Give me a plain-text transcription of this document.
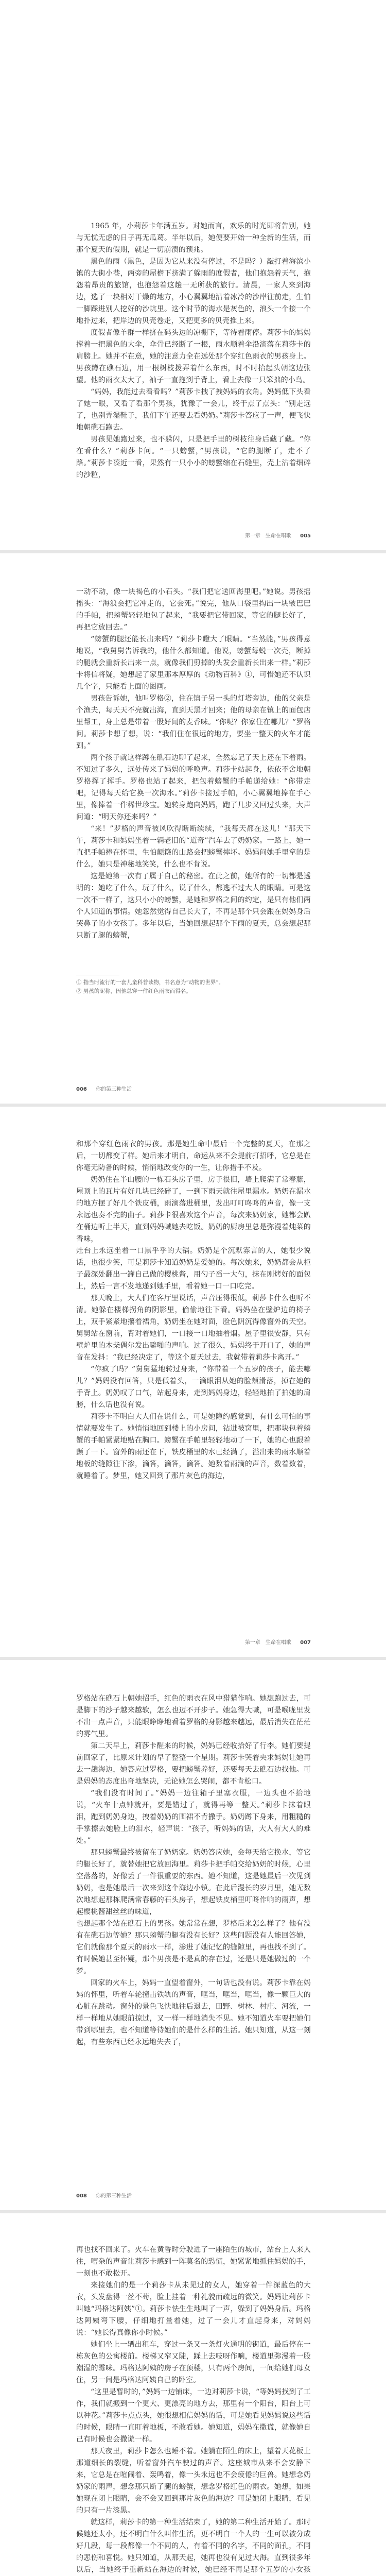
1965 年，小莉莎卡年满五岁。对她而言，欢乐的时光即将告别，她与无忧无虑的日子再无瓜葛。半年以后，她便要开始一种全新的生活，而那个夏天的假期，就是一切崩溃的预兆。

黑色的雨（黑色，是因为它从来没有停过，不是吗？）敲打着海滨小镇的大街小巷，两旁的屋檐下挤满了躲雨的度假者，他们抱怨着天气，抱怨着昂贵的旅馆，也抱怨着这趟一无所获的旅行。清晨，一家人来到海边，选了一块相对干燥的地方，小心翼翼地沿着冰冷的沙岸往前走，生怕一脚踩进别人挖好的沙坑里。这个时节的海水是灰色的，浪头一个接一个地扑过来，把岸边的贝壳卷走，又把更多的贝壳推上来。

度假者像羊群一样挤在码头边的凉棚下，等待着雨停。莉莎卡的妈妈撑着一把黑色的大伞，伞骨已经断了一根，雨水顺着伞沿滴落在莉莎卡的肩膀上。她并不在意，她的注意力全在远处那个穿红色雨衣的男孩身上。男孩蹲在礁石边，用一根树枝拨弄着什么东西，时不时抬起头朝这边张望。他的雨衣太大了，袖子一直拖到手背上，看上去像一只笨拙的小鸟。

“妈妈，我能过去看看吗？”莉莎卡拽了拽妈妈的衣角。妈妈低下头看了她一眼，又看了看那个男孩，犹豫了一会儿，终于点了点头：“别走远了，也别弄湿鞋子，我们下午还要去看奶奶。”莉莎卡答应了一声，便飞快地朝礁石跑去。

男孩见她跑过来，也不躲闪，只是把手里的树枝往身后藏了藏。“你在看什么？”莉莎卡问。“一只螃蟹，”男孩说，“它的腿断了，走不了路。”莉莎卡凑近一看，果然有一只小小的螃蟹缩在石缝里，壳上沾着细碎的沙粒，

第一章　生命在唱歌 005

一动不动，像一块褐色的小石头。“我们把它送回海里吧。”她说。男孩摇摇头：“海浪会把它冲走的，它会死。”说完，他从口袋里掏出一块皱巴巴的手帕，把螃蟹轻轻地包了起来，“我要把它带回家，等它的腿长好了，再把它放回去。”

“螃蟹的腿还能长出来吗？”莉莎卡瞪大了眼睛。“当然能，”男孩得意地说，“我舅舅告诉我的，他什么都知道。他说，螃蟹每蜕一次壳，断掉的腿就会重新长出来一点，就像我们剪掉的头发会重新长出来一样。”莉莎卡将信将疑，她想起了家里那本厚厚的《动物百科》①，可惜她还不认识几个字，只能看上面的图画。

男孩告诉她，他叫罗格②，住在镇子另一头的灯塔旁边，他的父亲是个渔夫，每天天不亮就出海，直到天黑才回来；他的母亲在镇上的面包店里帮工，身上总是带着一股好闻的麦香味。“你呢？你家住在哪儿？”罗格问。莉莎卡想了想，说：“我们住在很远的地方，要坐一整天的火车才能到。”

两个孩子就这样蹲在礁石边聊了起来，全然忘记了天上还在下着雨。不知过了多久，远处传来了妈妈的呼唤声。莉莎卡站起身，依依不舍地朝罗格挥了挥手。罗格也站了起来，把包着螃蟹的手帕递给她：“你带走吧，记得每天给它换一次海水。”莉莎卡接过手帕，小心翼翼地捧在手心里，像捧着一件稀世珍宝。她转身跑向妈妈，跑了几步又回过头来，大声问道：“明天你还来吗？”

“来！”罗格的声音被风吹得断断续续，“我每天都在这儿！”那天下午，莉莎卡和妈妈坐着一辆老旧的“道奇”汽车去了奶奶家。一路上，她一直把手帕捧在怀里，生怕颠簸的山路会把螃蟹摔坏。妈妈问她手里拿的是什么，她只是神秘地笑笑，什么也不肯说。

这是她第一次有了属于自己的秘密。在此之前，她所有的一切都是透明的：她吃了什么，玩了什么，说了什么，都逃不过大人的眼睛。可是这一次不一样了，这只小小的螃蟹，是她和罗格之间的约定，是只有他们两个人知道的事情。她忽然觉得自己长大了，不再是那个只会跟在妈妈身后哭鼻子的小女孩了。多年以后，当她回想起那个下雨的夏天，总会想起那只断了腿的螃蟹，

① 指当时流行的一套儿童科普读物，书名意为“动物的世界”。

② 男孩的昵称，因他总穿一件红色雨衣而得名。

006 你的第三种生活

和那个穿红色雨衣的男孩。那是她生命中最后一个完整的夏天，在那之后，一切都变了样。她后来才明白，命运从来不会提前打招呼，它总是在你毫无防备的时候，悄悄地改变你的一生，让你措手不及。

奶奶住在半山腰的一栋石头房子里，房子很旧，墙上爬满了常春藤，屋顶上的瓦片有好几块已经碎了，一到下雨天就往屋里漏水。奶奶在漏水的地方摆了好几个铁皮桶，雨滴落进桶里，发出叮叮咚咚的声音，像一支永远也奏不完的曲子。莉莎卡很喜欢这个声音，每次来奶奶家，她都会趴在桶边听上半天，直到妈妈喊她去吃饭。奶奶的厨房里总是弥漫着炖菜的香味，

灶台上永远坐着一口黑乎乎的大锅。奶奶是个沉默寡言的人，她很少说话，也很少笑，可是莉莎卡知道奶奶是爱她的。每次她来，奶奶都会从柜子最深处翻出一罐自己做的樱桃酱，用勺子舀一大勺，抹在刚烤好的面包上，然后一言不发地递到她手里，看着她一口一口吃完。

那天晚上，大人们在客厅里说话，声音压得很低，莉莎卡什么也听不清。她躲在楼梯拐角的阴影里，偷偷地往下看。妈妈坐在壁炉边的椅子上，双手紧紧地攥着裙角，奶奶坐在她对面，脸色阴沉得像窗外的天空。舅舅站在窗前，背对着她们，一口接一口地抽着烟。屋子里很安静，只有壁炉里的木柴偶尔发出噼啪的声响。过了很久，妈妈终于开口了，她的声音在发抖：“我已经决定了，等这个夏天过去，我就带着莉莎卡离开。”

“你疯了吗？”舅舅猛地转过身来，“你带着一个五岁的孩子，能去哪儿？”妈妈没有回答，只是低着头，一滴眼泪从她的脸颊滑落，掉在她的手背上。奶奶叹了口气，站起身来，走到妈妈身边，轻轻地拍了拍她的肩膀，什么话也没有说。

莉莎卡不明白大人们在说什么，可是她隐约感觉到，有什么可怕的事情就要发生了。她悄悄地回到楼上的小房间，钻进被窝里，把那块包着螃蟹的手帕紧紧地贴在胸口。螃蟹在手帕里轻轻地动了一下，她的心也跟着颤了一下。窗外的雨还在下，铁皮桶里的水已经满了，溢出来的雨水顺着地板的缝隙往下渗，滴答，滴答，滴答。她数着雨滴的声音，数着数着，就睡着了。梦里，她又回到了那片灰色的海边，

第一章　生命在唱歌 007

罗格站在礁石上朝她招手，红色的雨衣在风中猎猎作响。她想跑过去，可是脚下的沙子越来越软，怎么也迈不开步子。她急得大喊，可是喉咙里发不出一点声音，只能眼睁睁地看着罗格的身影越来越远，最后消失在茫茫的雾气里。

第二天早上，莉莎卡醒来的时候，妈妈已经收拾好了行李。她们要提前回家了，比原来计划的早了整整一个星期。莉莎卡哭着央求妈妈让她再去一趟海边，她答应过罗格，要把螃蟹养好，还要每天去礁石边找他。可是妈妈的态度出奇地坚决，无论她怎么哭闹，都不肯松口。

“我们没有时间了。”妈妈一边往箱子里塞衣服，一边头也不抬地说，“火车十点钟就开，要是错过了，就得再等一整天。”莉莎卡抹着眼泪，跑到奶奶身边，拽着奶奶的围裙不肯撒手。奶奶蹲下身来，用粗糙的手掌擦去她脸上的泪水，轻声说：“孩子，听妈妈的话，大人有大人的难处。”

那只螃蟹最终被留在了奶奶家。奶奶答应她，会每天给它换水，等它的腿长好了，就替她把它放回海里。莉莎卡把手帕交给奶奶的时候，心里空落落的，好像丢了一件很重要的东西。她不知道，这是她最后一次见到奶奶，也是她最后一次来到这个海边小镇。在此后漫长的岁月里，她无数次地想起那栋爬满常春藤的石头房子，想起铁皮桶里叮咚作响的雨声，想起樱桃酱甜丝丝的味道，

也想起那个站在礁石上的男孩。她常常在想，罗格后来怎么样了？他有没有在礁石边等她？那只螃蟹的腿有没有长好？这些问题没有人能回答她，它们就像那个夏天的雨水一样，渗进了她记忆的缝隙里，再也找不到了。有时候她甚至怀疑，那个男孩是不是真的存在过，还是只是她做过的一个梦。

回家的火车上，妈妈一直望着窗外，一句话也没有说。莉莎卡靠在妈妈的怀里，听着车轮撞击铁轨的声音，哐当，哐当，哐当，像一颗巨大的心脏在跳动。窗外的景色飞快地往后退去，田野、树林、村庄、河流，一样一样地从她眼前掠过，又一样一样地消失不见。她不知道火车要把她们带到哪里去，也不知道等待她们的是什么样的生活。她只知道，从这一刻起，有些东西已经永远地失去了，

008 你的第三种生活

再也找不回来了。火车在黄昏时分驶进了一座陌生的城市，站台上人来人往，嘈杂的声音让莉莎卡感到一阵莫名的恐慌，她紧紧地抓住妈妈的手，一刻也不敢松开。

来接她们的是一个莉莎卡从未见过的女人，她穿着一件深蓝色的大衣，头发盘得一丝不苟，脸上挂着一种礼貌而疏远的微笑。妈妈让莉莎卡叫她“玛格达阿姨”①。莉莎卡怯生生地叫了一声，躲到了妈妈身后。玛格达阿姨弯下腰，仔细地打量着她，过了一会儿才直起身来，对妈妈说：“她长得真像你小时候。”

她们坐上一辆出租车，穿过一条又一条灯火通明的街道，最后停在一栋灰色的公寓楼前。楼梯又窄又陡，踩上去吱呀作响，楼道里弥漫着一股潮湿的霉味。玛格达阿姨的房子在顶楼，只有两个房间，一间给她们母女住，另一间是玛格达阿姨自己的卧室。

“这里是暂时的，”妈妈一边铺床，一边对莉莎卡说，“等妈妈找到了工作，我们就搬到一个更大、更漂亮的地方去，那里有一个阳台，阳台上可以种花。”莉莎卡点点头，她很想相信妈妈的话，可是她看见妈妈说这些话的时候，眼睛一直盯着地板，不敢看她。她知道，妈妈在撒谎，就像她自己有时候也会撒谎一样。

那天夜里，莉莎卡怎么也睡不着。她躺在陌生的床上，望着天花板上那道细长的裂缝，听着窗外汽车驶过的声音。这座城市从来不会安静下来，它总是在喧闹着、轰鸣着，像一头永远也不会疲倦的巨兽。她想念奶奶家的雨声，想念那只断了腿的螃蟹，想念罗格红色的雨衣。她想，如果她现在闭上眼睛，会不会又回到那片灰色的海边？可是她闭上眼睛，看见的只有一片漆黑。

就这样，莉莎卡的第一种生活结束了，她的第二种生活开始了。那时候她还太小，还不明白什么叫作生活，更不明白一个人的一生可以被分成好几段，每一段都像一个不同的人，有着不同的名字，不同的面孔，不同的悲伤和喜悦。她只知道，从那天起，她再也没有见过大海。直到很多年以后，当她终于重新站在海边的时候，她已经不再是那个五岁的小女孩
